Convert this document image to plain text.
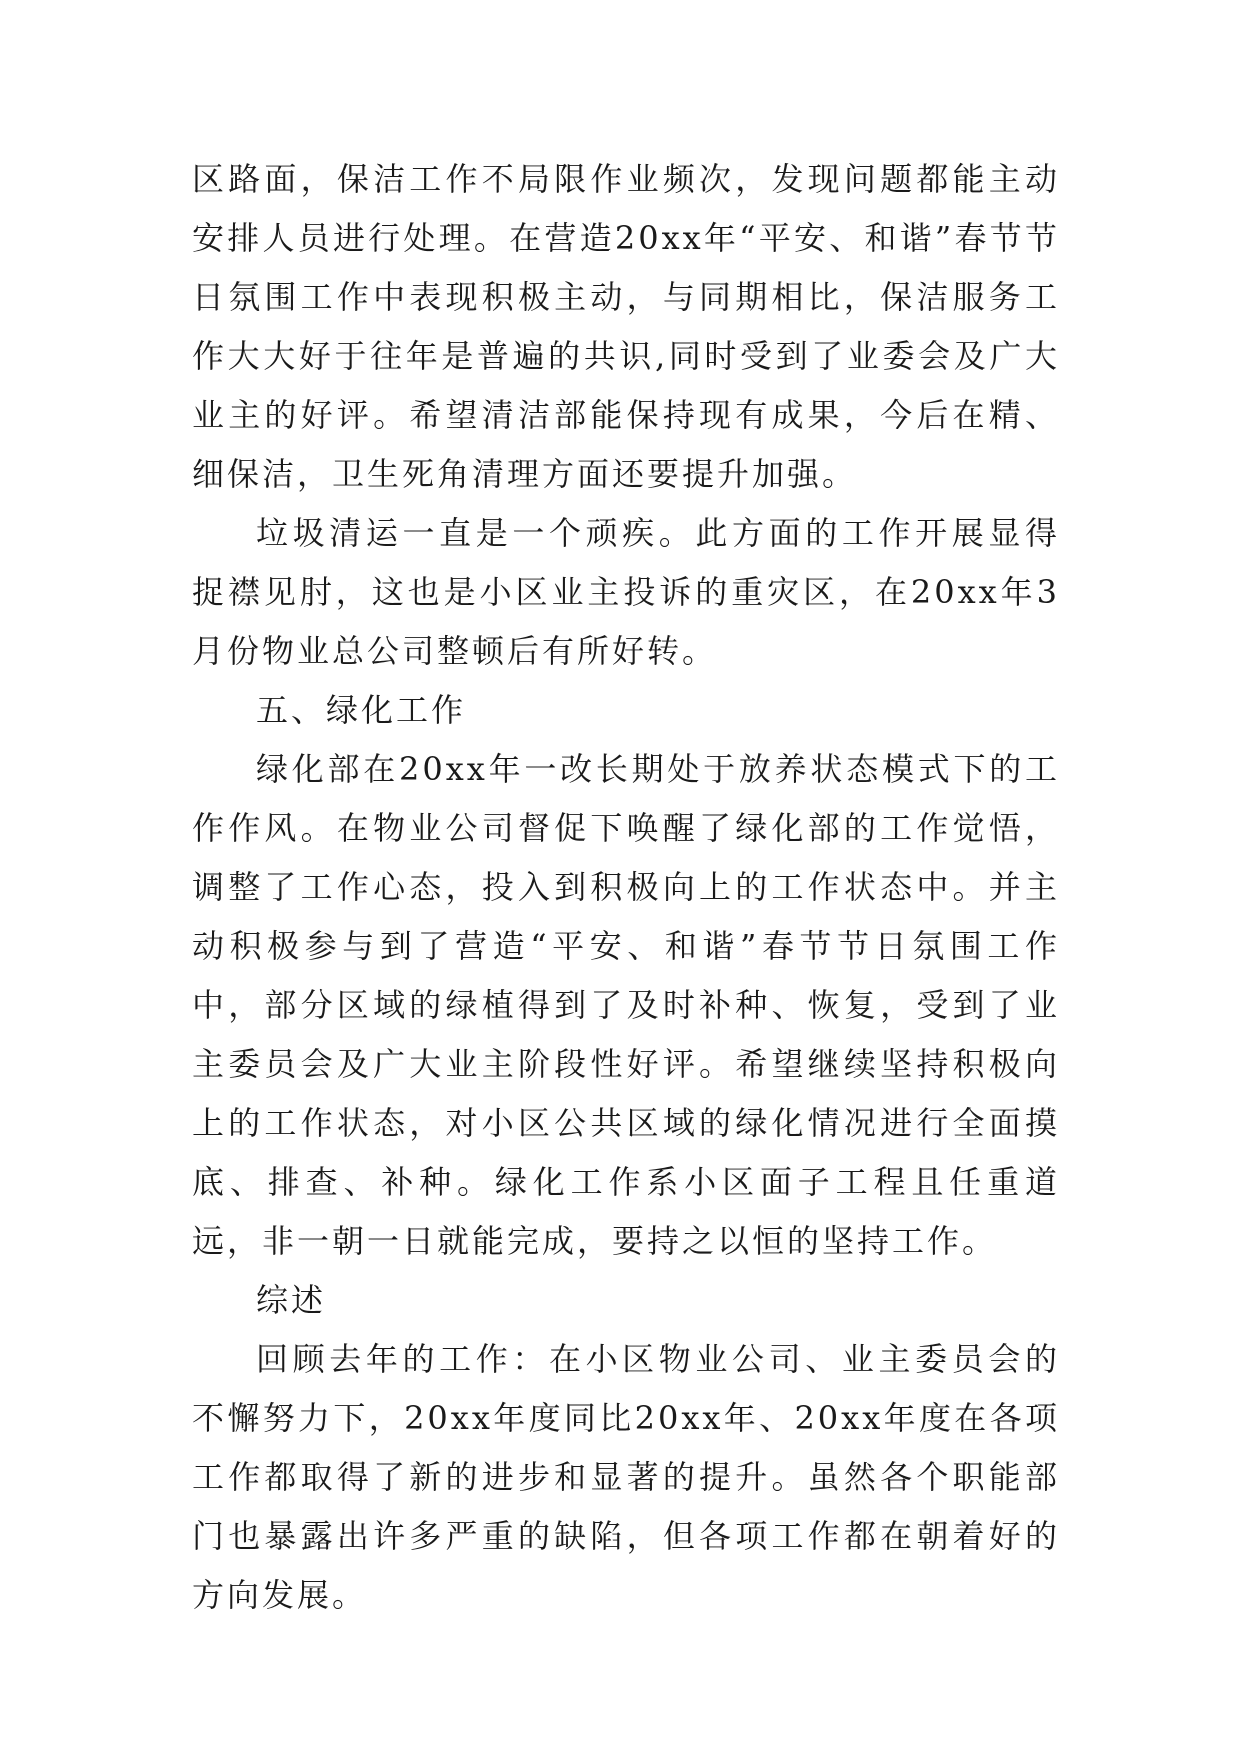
区路面，保洁工作不局限作业频次，发现问题都能主动安排人员进行处理。在营造20xx年“平安、和谐”春节节日氛围工作中表现积极主动，与同期相比，保洁服务工作大大好于往年是普遍的共识,同时受到了业委会及广大业主的好评。希望清洁部能保持现有成果，今后在精、细保洁，卫生死角清理方面还要提升加强。

垃圾清运一直是一个顽疾。此方面的工作开展显得捉襟见肘，这也是小区业主投诉的重灾区，在20xx年3月份物业总公司整顿后有所好转。

五、绿化工作

绿化部在20xx年一改长期处于放养状态模式下的工作作风。在物业公司督促下唤醒了绿化部的工作觉悟，调整了工作心态，投入到积极向上的工作状态中。并主动积极参与到了营造“平安、和谐”春节节日氛围工作中，部分区域的绿植得到了及时补种、恢复，受到了业主委员会及广大业主阶段性好评。希望继续坚持积极向上的工作状态，对小区公共区域的绿化情况进行全面摸底、排查、补种。绿化工作系小区面子工程且任重道远，非一朝一日就能完成，要持之以恒的坚持工作。

综述

回顾去年的工作：在小区物业公司、业主委员会的不懈努力下，20xx年度同比20xx年、20xx年度在各项工作都取得了新的进步和显著的提升。虽然各个职能部门也暴露出许多严重的缺陷，但各项工作都在朝着好的方向发展。
